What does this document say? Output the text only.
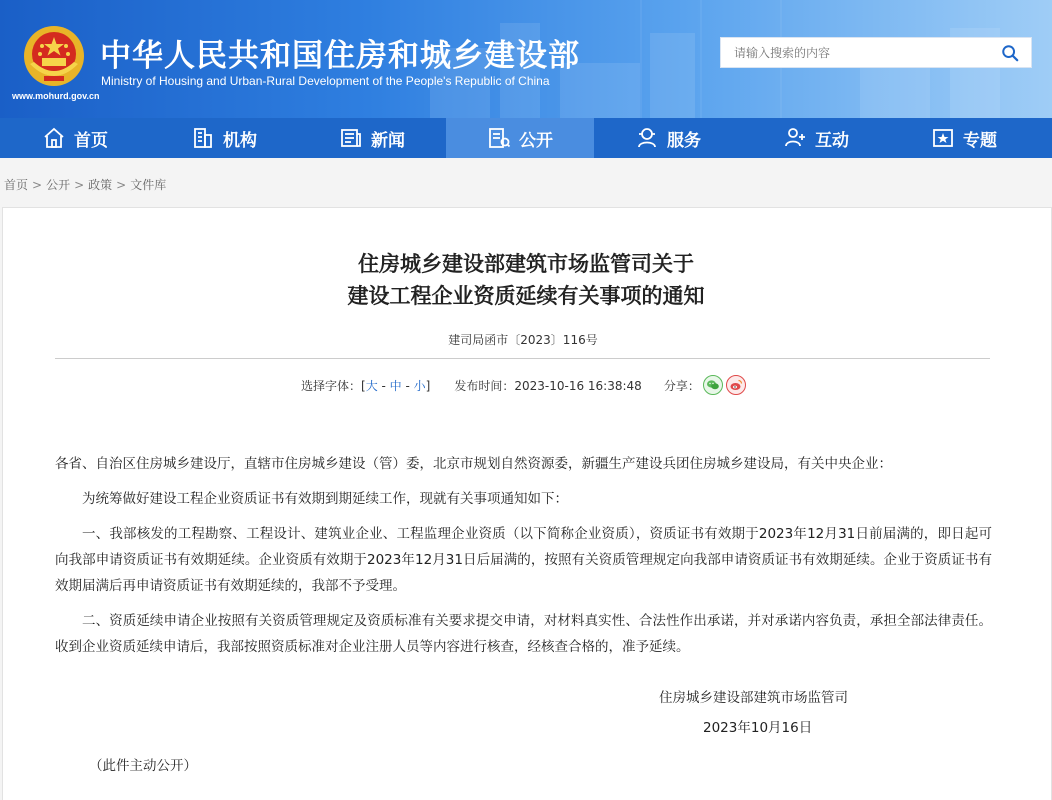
中华人民共和国住房和城乡建设部
Ministry of Housing and Urban-Rural Development of the People's Republic of China
www.mohurd.gov.cn
请输入搜索的内容
首页	机构	新闻	公开	服务	互动	专题
首页 > 公开 > 政策 > 文件库
住房城乡建设部建筑市场监管司关于
建设工程企业资质延续有关事项的通知
建司局函市〔2023〕116号
选择字体：[大 - 中 - 小] 发布时间：2023-10-16 16:38:48 分享：

各省、自治区住房城乡建设厅，直辖市住房城乡建设（管）委，北京市规划自然资源委，新疆生产建设兵团住房城乡建设局，有关中央企业：

为统筹做好建设工程企业资质证书有效期到期延续工作，现就有关事项通知如下：

一、我部核发的工程勘察、工程设计、建筑业企业、工程监理企业资质（以下简称企业资质），资质证书有效期于2023年12月31日前届满的，即日起可向我部申请资质证书有效期延续。企业资质有效期于2023年12月31日后届满的，按照有关资质管理规定向我部申请资质证书有效期延续。企业于资质证书有效期届满后再申请资质证书有效期延续的，我部不予受理。

二、资质延续申请企业按照有关资质管理规定及资质标准有关要求提交申请，对材料真实性、合法性作出承诺，并对承诺内容负责，承担全部法律责任。收到企业资质延续申请后，我部按照资质标准对企业注册人员等内容进行核查，经核查合格的，准予延续。

住房城乡建设部建筑市场监管司
2023年10月16日
（此件主动公开）
